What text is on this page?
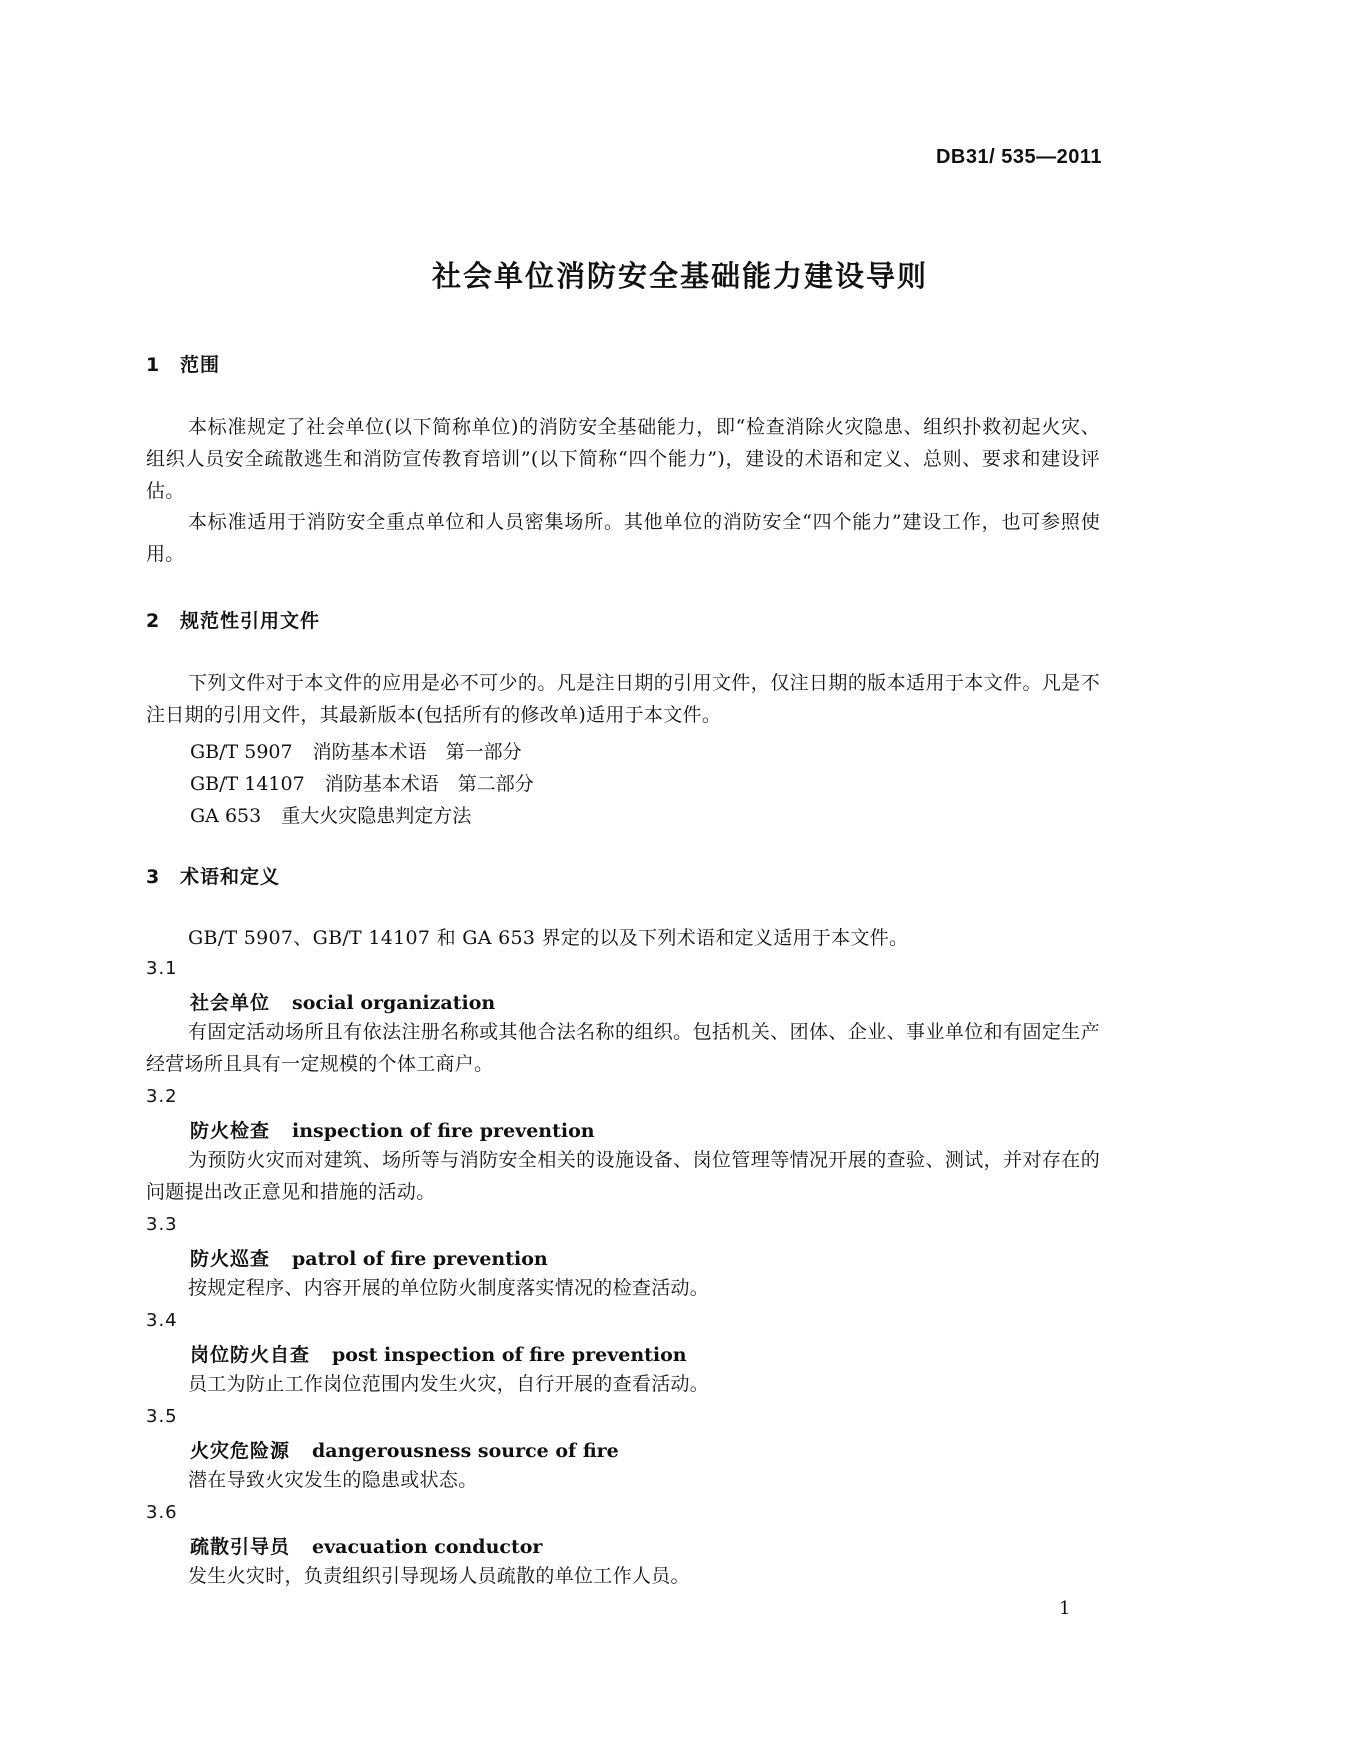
DB31/ 535—2011
社会单位消防安全基础能力建设导则
1 范围
本标准规定了社会单位(以下简称单位)的消防安全基础能力，即“检查消除火灾隐患、组织扑救初起火灾、组织人员安全疏散逃生和消防宣传教育培训”(以下简称“四个能力”)，建设的术语和定义、总则、要求和建设评估。
本标准适用于消防安全重点单位和人员密集场所。其他单位的消防安全“四个能力”建设工作，也可参照使用。
2 规范性引用文件
下列文件对于本文件的应用是必不可少的。凡是注日期的引用文件，仅注日期的版本适用于本文件。凡是不注日期的引用文件，其最新版本(包括所有的修改单)适用于本文件。
GB/T 5907 消防基本术语　第一部分
GB/T 14107 消防基本术语　第二部分
GA 653 重大火灾隐患判定方法
3 术语和定义
GB/T 5907、GB/T 14107 和 GA 653 界定的以及下列术语和定义适用于本文件。
3.1
社会单位 social organization
有固定活动场所且有依法注册名称或其他合法名称的组织。包括机关、团体、企业、事业单位和有固定生产经营场所且具有一定规模的个体工商户。
3.2
防火检查 inspection of fire prevention
为预防火灾而对建筑、场所等与消防安全相关的设施设备、岗位管理等情况开展的查验、测试，并对存在的问题提出改正意见和措施的活动。
3.3
防火巡查 patrol of fire prevention
按规定程序、内容开展的单位防火制度落实情况的检查活动。
3.4
岗位防火自查 post inspection of fire prevention
员工为防止工作岗位范围内发生火灾，自行开展的查看活动。
3.5
火灾危险源 dangerousness source of fire
潜在导致火灾发生的隐患或状态。
3.6
疏散引导员 evacuation conductor
发生火灾时，负责组织引导现场人员疏散的单位工作人员。
1
